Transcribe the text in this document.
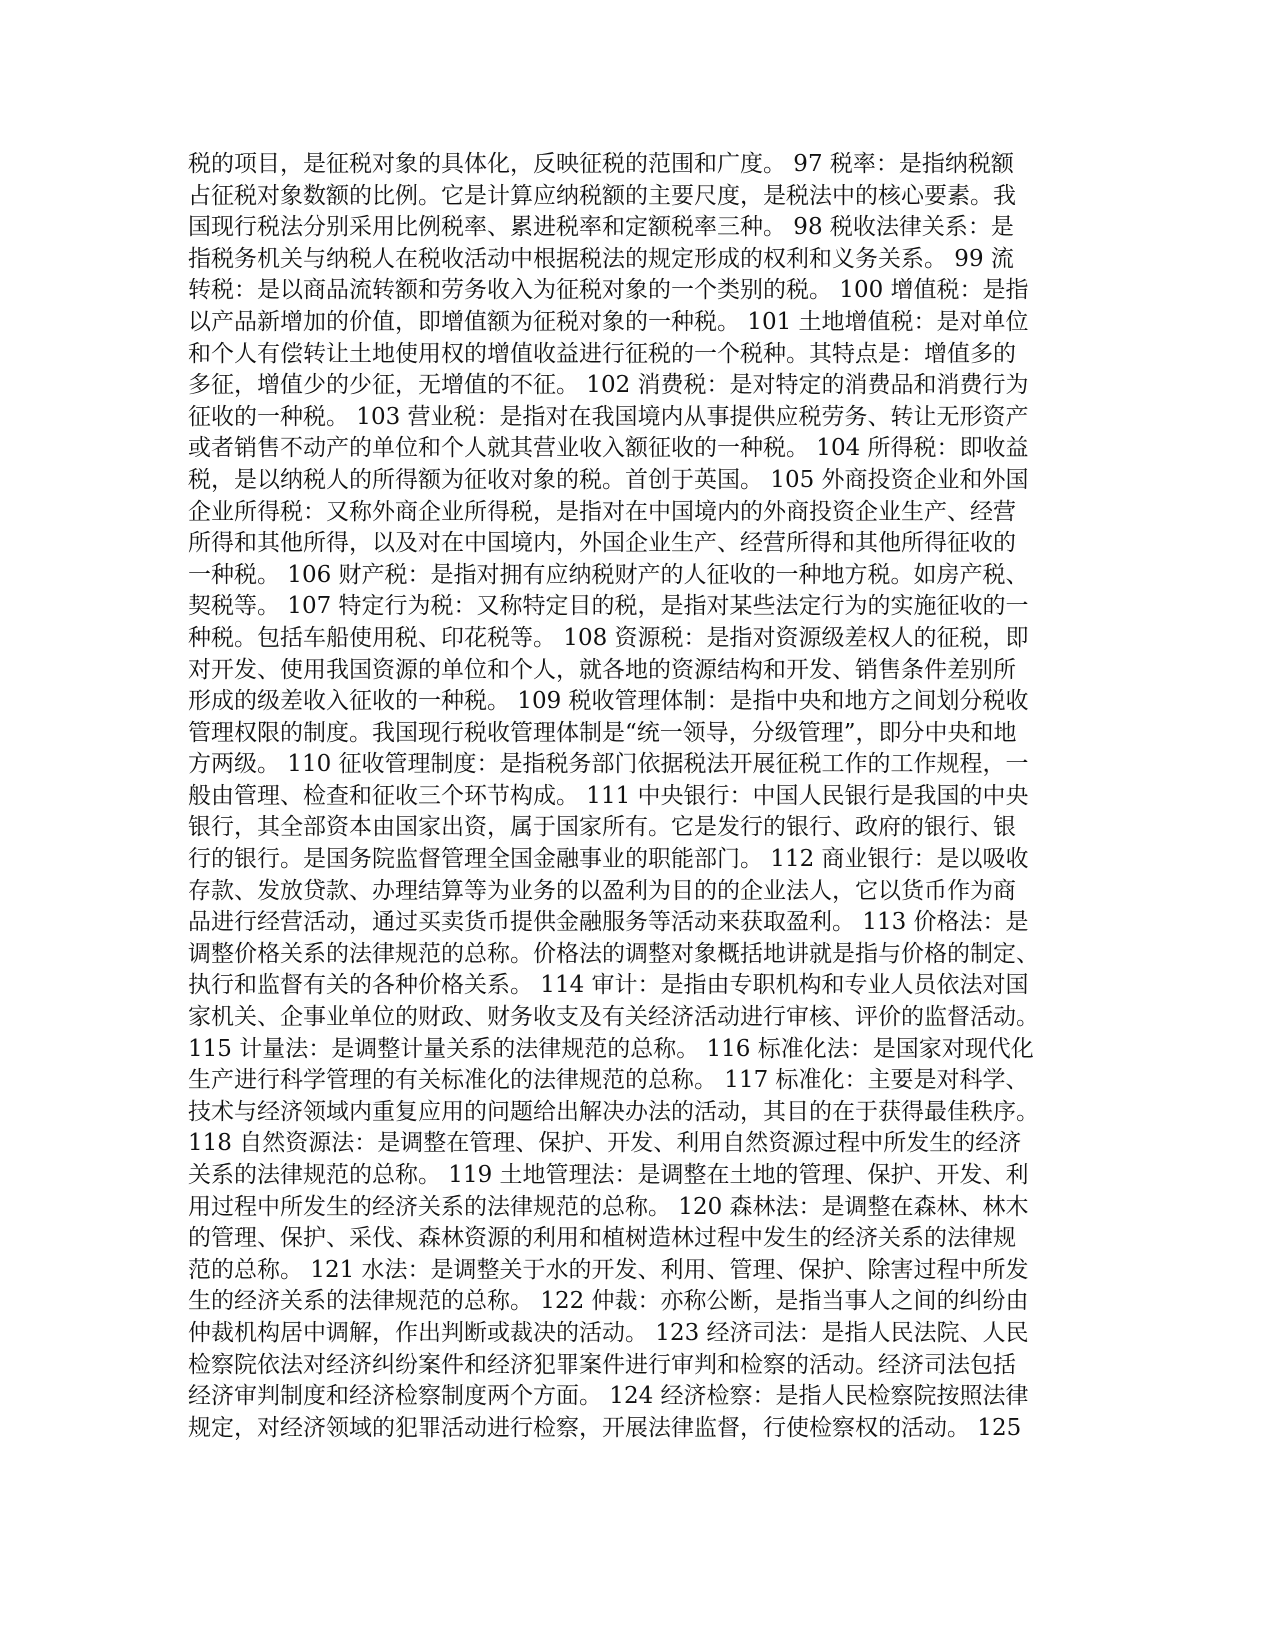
税的项目，是征税对象的具体化，反映征税的范围和广度。 97 税率：是指纳税额
占征税对象数额的比例。它是计算应纳税额的主要尺度，是税法中的核心要素。我
国现行税法分别采用比例税率、累进税率和定额税率三种。 98 税收法律关系：是
指税务机关与纳税人在税收活动中根据税法的规定形成的权利和义务关系。 99 流
转税：是以商品流转额和劳务收入为征税对象的一个类别的税。 100 增值税：是指
以产品新增加的价值，即增值额为征税对象的一种税。 101 土地增值税：是对单位
和个人有偿转让土地使用权的增值收益进行征税的一个税种。其特点是：增值多的
多征，增值少的少征，无增值的不征。 102 消费税：是对特定的消费品和消费行为
征收的一种税。 103 营业税：是指对在我国境内从事提供应税劳务、转让无形资产
或者销售不动产的单位和个人就其营业收入额征收的一种税。 104 所得税：即收益
税，是以纳税人的所得额为征收对象的税。首创于英国。 105 外商投资企业和外国
企业所得税：又称外商企业所得税，是指对在中国境内的外商投资企业生产、经营
所得和其他所得，以及对在中国境内，外国企业生产、经营所得和其他所得征收的
一种税。 106 财产税：是指对拥有应纳税财产的人征收的一种地方税。如房产税、
契税等。 107 特定行为税：又称特定目的税，是指对某些法定行为的实施征收的一
种税。包括车船使用税、印花税等。 108 资源税：是指对资源级差权人的征税，即
对开发、使用我国资源的单位和个人，就各地的资源结构和开发、销售条件差别所
形成的级差收入征收的一种税。 109 税收管理体制：是指中央和地方之间划分税收
管理权限的制度。我国现行税收管理体制是“统一领导，分级管理”，即分中央和地
方两级。 110 征收管理制度：是指税务部门依据税法开展征税工作的工作规程，一
般由管理、检查和征收三个环节构成。 111 中央银行：中国人民银行是我国的中央
银行，其全部资本由国家出资，属于国家所有。它是发行的银行、政府的银行、银
行的银行。是国务院监督管理全国金融事业的职能部门。 112 商业银行：是以吸收
存款、发放贷款、办理结算等为业务的以盈利为目的的企业法人，它以货币作为商
品进行经营活动，通过买卖货币提供金融服务等活动来获取盈利。 113 价格法：是
调整价格关系的法律规范的总称。价格法的调整对象概括地讲就是指与价格的制定、
执行和监督有关的各种价格关系。 114 审计：是指由专职机构和专业人员依法对国
家机关、企事业单位的财政、财务收支及有关经济活动进行审核、评价的监督活动。
115 计量法：是调整计量关系的法律规范的总称。 116 标准化法：是国家对现代化
生产进行科学管理的有关标准化的法律规范的总称。 117 标准化：主要是对科学、
技术与经济领域内重复应用的问题给出解决办法的活动，其目的在于获得最佳秩序。
118 自然资源法：是调整在管理、保护、开发、利用自然资源过程中所发生的经济
关系的法律规范的总称。 119 土地管理法：是调整在土地的管理、保护、开发、利
用过程中所发生的经济关系的法律规范的总称。 120 森林法：是调整在森林、林木
的管理、保护、采伐、森林资源的利用和植树造林过程中发生的经济关系的法律规
范的总称。 121 水法：是调整关于水的开发、利用、管理、保护、除害过程中所发
生的经济关系的法律规范的总称。 122 仲裁：亦称公断，是指当事人之间的纠纷由
仲裁机构居中调解，作出判断或裁决的活动。 123 经济司法：是指人民法院、人民
检察院依法对经济纠纷案件和经济犯罪案件进行审判和检察的活动。经济司法包括
经济审判制度和经济检察制度两个方面。 124 经济检察：是指人民检察院按照法律
规定，对经济领域的犯罪活动进行检察，开展法律监督，行使检察权的活动。 125
